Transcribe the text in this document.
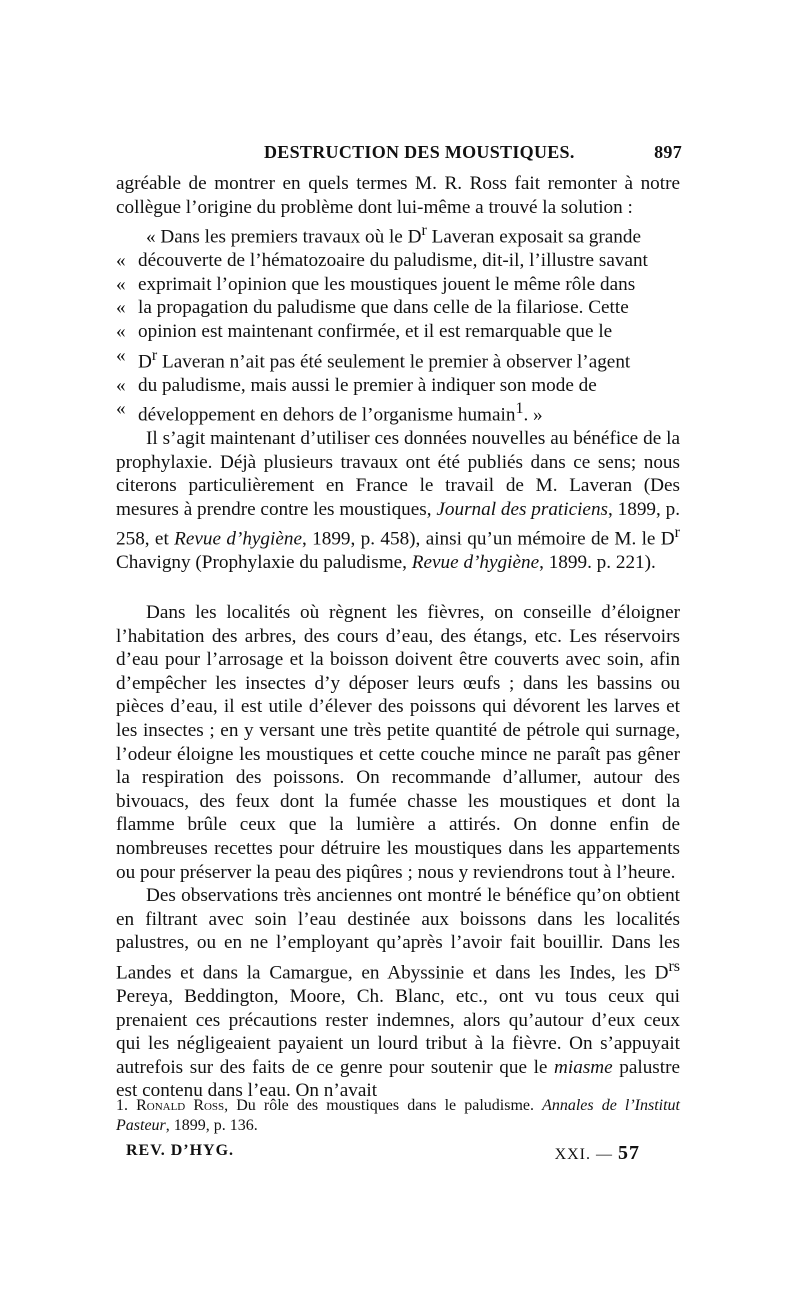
DESTRUCTION DES MOUSTIQUES.	897

agréable de montrer en quels termes M. R. Ross fait remonter à notre collègue l’origine du problème dont lui-même a trouvé la solution :

« Dans les premiers travaux où le $D^r$ Laveran exposait sa grande
« découverte de l’hématozoaire du paludisme, dit-il, l’illustre savant
« exprimait l’opinion que les moustiques jouent le même rôle dans
« la propagation du paludisme que dans celle de la filariose. Cette
« opinion est maintenant confirmée, et il est remarquable que le
« $D^r$ Laveran n’ait pas été seulement le premier à observer l’agent
« du paludisme, mais aussi le premier à indiquer son mode de
« développement en dehors de l’organisme humain$^1$. »

Il s’agit maintenant d’utiliser ces données nouvelles au bénéfice de la prophylaxie. Déjà plusieurs travaux ont été publiés dans ce sens; nous citerons particulièrement en France le travail de M. Laveran (Des mesures à prendre contre les moustiques, Journal des praticiens, 1899, p. 258, et Revue d’hygiène, 1899, p. 458), ainsi qu’un mémoire de M. le $D^r$ Chavigny (Prophylaxie du paludisme, Revue d’hygiène, 1899. p. 221).

Dans les localités où règnent les fièvres, on conseille d’éloigner l’habitation des arbres, des cours d’eau, des étangs, etc. Les réservoirs d’eau pour l’arrosage et la boisson doivent être couverts avec soin, afin d’empêcher les insectes d’y déposer leurs œufs ; dans les bassins ou pièces d’eau, il est utile d’élever des poissons qui dévorent les larves et les insectes ; en y versant une très petite quantité de pétrole qui surnage, l’odeur éloigne les moustiques et cette couche mince ne paraît pas gêner la respiration des poissons. On recommande d’allumer, autour des bivouacs, des feux dont la fumée chasse les moustiques et dont la flamme brûle ceux que la lumière a attirés. On donne enfin de nombreuses recettes pour détruire les moustiques dans les appartements ou pour préserver la peau des piqûres ; nous y reviendrons tout à l’heure.

Des observations très anciennes ont montré le bénéfice qu’on obtient en filtrant avec soin l’eau destinée aux boissons dans les localités palustres, ou en ne l’employant qu’après l’avoir fait bouillir. Dans les Landes et dans la Camargue, en Abyssinie et dans les Indes, les $D^{rs}$ Pereya, Beddington, Moore, Ch. Blanc, etc., ont vu tous ceux qui prenaient ces précautions rester indemnes, alors qu’autour d’eux ceux qui les négligeaient payaient un lourd tribut à la fièvre. On s’appuyait autrefois sur des faits de ce genre pour soutenir que le miasme palustre est contenu dans l’eau. On n’avait

1. Ronald Ross, Du rôle des moustiques dans le paludisme. Annales de l’Institut Pasteur, 1899, p. 136.
REV. D’HYG.	XXI. — 57
